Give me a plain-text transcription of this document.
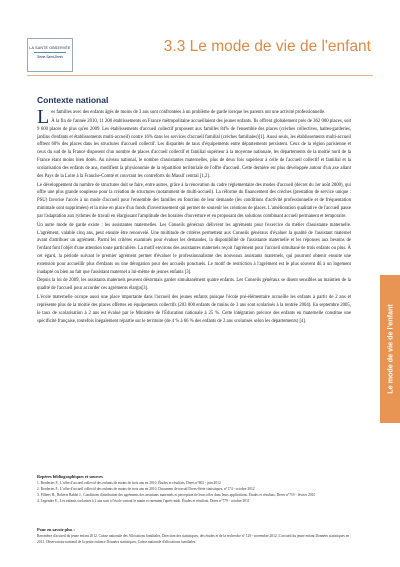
LA SANTÉ OBSERVÉE
Seine-Saint-Denis
3.3 Le mode de vie de l'enfant
Le mode de vie de l'enfant
Contexte national

Les familles avec des enfants âgés de moins de 3 ans sont confrontées à un problème de garde lorsque les parents ont une activité professionnelle.

À la fin de l'année 2010, 11 200 établissements en France métropolitaine accueillaient des jeunes enfants. Ils offrent globalement près de 362 000 places, soit 9 600 places de plus qu'en 2009. Les établissements d'accueil collectif proposent aux familles 84% de l'ensemble des places (crèches collectives, haltes-garderies, jardins d'enfants et établissements multi-accueil) contre 16% dans les services d'accueil familial (crèches familiales)[1]. Aussi seuls, les établissements multi-accueil offrent 60% des places dans les structures d'accueil collectif. Les disparités de taux d'équipements entre départements persistent. Ceux de la région parisienne et ceux du sud de la France disposent d'un nombre de places d'accueil collectif et familial supérieur à la moyenne nationale, les départements de la moitié nord de la France étant moins bien dotés. Au niveau national, le nombre d'assistantes maternelles, plus de deux fois supérieur à celle de l'accueil collectif et familial et la scolarisation des enfants de ans, modifient la physionomie de la répartition territoriale de l'offre d'accueil. Cette dernière est plus développée autour d'un axe allant des Pays de la Loire à la Franche-Comté et couvrant les contreforts du Massif central [1,2].

Le développement du nombre de structures doit se faire, entre autres, grâce à la rénovation du cadre réglementaire des modes d'accueil (décret du 1er août 2000), qui offre une plus grande souplesse pour la création de structures (notamment de multi-accueil). La réforme du financement des crèches (prestation de service unique : PSU) favorise l'accès à un mode d'accueil pour l'ensemble des familles en fonction de leur demande (les conditions d'activité professionnelle et de fréquentation minimale sont supprimées) et la mise en place d'un fonds d'investissement qui permet de soutenir les créations de places. L'amélioration qualitative de l'accueil passe par l'adaptation aux rythmes de travail en élargissant l'amplitude des horaires d'ouverture et en proposant des solutions combinant accueil permanent et temporaire.

Un autre mode de garde existe : les assistantes maternelles. Les Conseils généraux délivrent les agréments pour l'exercice du métier d'assistante maternelle. L'agrément, valable cinq ans, peut ensuite être renouvelé. Une multitude de critères permettent aux Conseils généraux d'évaluer la qualité de l'assistant maternel avant d'attribuer un agrément. Parmi les critères examinés pour évaluer les demandes, la disponibilité de l'assistante maternelle et les réponses aux besoins de l'enfant font l'objet d'une attention toute particulière. La motif environs des assistantes maternels reçoit l'agrément pour l'accueil simultané de trois enfants ou plus. À cet égard, la période suivant le premier agrément permet d'évaluer le professionnalisme des nouveaux assistants maternels, qui pourront obtenir ensuite une extension pour accueillir plus d'enfants ou une dérogation pour des accueils ponctuels. Le motif de restriction à l'agrément est le plus souvent dû à un logement inadapté ou bien au fait que l'assistant maternel a lui-même de jeunes enfants [3].

Depuis la loi de 2009, les assistants maternels peuvent désormais garder simultanément quatre enfants. Les Conseils généraux se disent sensibles au maintien de la qualité de l'accueil pour accorder ces agréments élargis[3].

L'école maternelle occupe aussi une place importante dans l'accueil des jeunes enfants puisque l'école pré-élémentaire accueille les enfants à partir de 2 ans et représente plus de la moitié des places offertes en équipements collectifs (203 000 enfants de moins de 3 ans sont scolarisés à la rentrée 2004). En septembre 2005, le taux de scolarisation à 2 ans est évalué par le Ministère de l'Éducation nationale à 25 %. Cette intégration précoce des enfants en maternelle constitue une spécificité française, toutefois inégalement répartie sur le territoire (de 4 % à 66 % des enfants de 2 ans scolarisés selon les départements) [4].

Repères bibliographiques et sources

1. Borderies F., L'offre d'accueil collectif des enfants de moins de trois ans en 2010. Études et résultats, Drees n°803 - juin 2012

2. Borderies F., L'offre d'accueil collectif des enfants de moins de trois ans en 2010. Document de travail Drees-Série statistiques, n°174 - octobre 2012

3. Pilliers H., Roberts Babbé J., Conditions d'attribution des agréments des assistants maternels et perception de leurs rôles dans leurs applications. Études et résultats, Drees n°719 - février 2010

4. Legendre E., Les enfants scolarisés à 2 ans sont à l'école surtout le matin et rarement l'après-midi. Études et résultats, Drees n°779 - octobre 2011

Pour en savoir plus :

Baromètre d'accueil du jeune enfant 2012, Caisse nationale des Allocations familiales, Direction des statistiques, des études et de la recherche n° 129 - novembre 2012. L'accueil du jeune enfant Données statistiques en 2011, Observatoire national de la petite enfance Données statistiques, Caisse nationale d'allocations familiales.
